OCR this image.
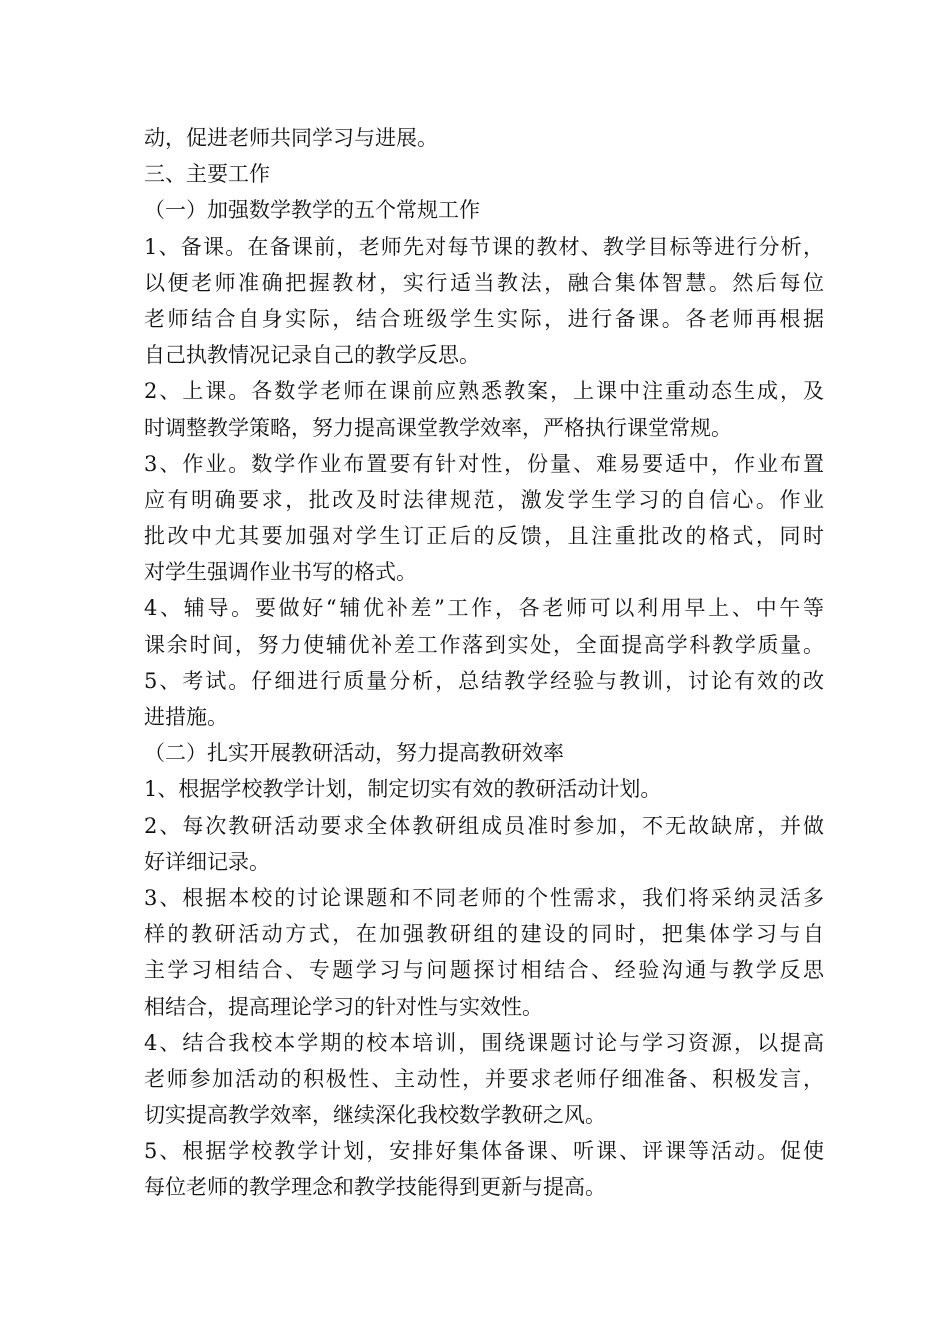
动，促进老师共同学习与进展。
三、主要工作
（一）加强数学教学的五个常规工作
1、备课。在备课前，老师先对每节课的教材、教学目标等进行分析，
以便老师准确把握教材，实行适当教法，融合集体智慧。然后每位
老师结合自身实际，结合班级学生实际，进行备课。各老师再根据
自己执教情况记录自己的教学反思。
2、上课。各数学老师在课前应熟悉教案，上课中注重动态生成，及
时调整教学策略，努力提高课堂教学效率，严格执行课堂常规。
3、作业。数学作业布置要有针对性，份量、难易要适中，作业布置
应有明确要求，批改及时法律规范，激发学生学习的自信心。作业
批改中尤其要加强对学生订正后的反馈，且注重批改的格式，同时
对学生强调作业书写的格式。
4、辅导。要做好“辅优补差”工作，各老师可以利用早上、中午等
课余时间，努力使辅优补差工作落到实处，全面提高学科教学质量。
5、考试。仔细进行质量分析，总结教学经验与教训，讨论有效的改
进措施。
（二）扎实开展教研活动，努力提高教研效率
1、根据学校教学计划，制定切实有效的教研活动计划。
2、每次教研活动要求全体教研组成员准时参加，不无故缺席，并做
好详细记录。
3、根据本校的讨论课题和不同老师的个性需求，我们将采纳灵活多
样的教研活动方式，在加强教研组的建设的同时，把集体学习与自
主学习相结合、专题学习与问题探讨相结合、经验沟通与教学反思
相结合，提高理论学习的针对性与实效性。
4、结合我校本学期的校本培训，围绕课题讨论与学习资源，以提高
老师参加活动的积极性、主动性，并要求老师仔细准备、积极发言，
切实提高教学效率，继续深化我校数学教研之风。
5、根据学校教学计划，安排好集体备课、听课、评课等活动。促使
每位老师的教学理念和教学技能得到更新与提高。
